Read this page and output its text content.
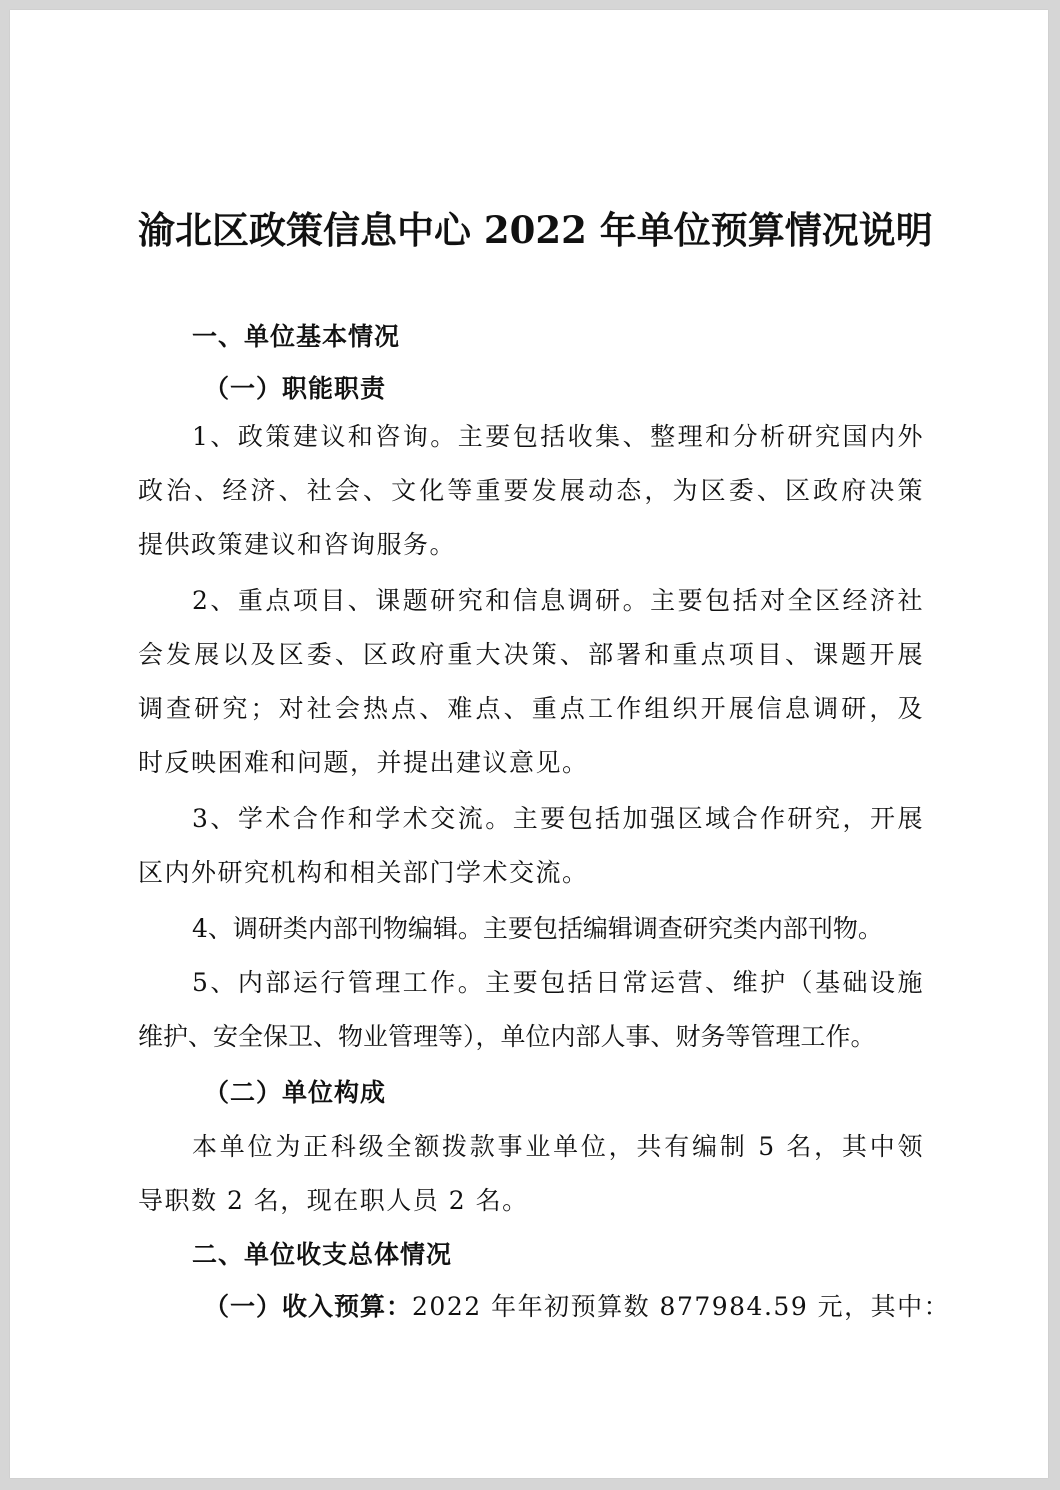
渝北区政策信息中心 2022 年单位预算情况说明
一、单位基本情况
（一）职能职责
1、政策建议和咨询。主要包括收集、整理和分析研究国内外
政治、经济、社会、文化等重要发展动态，为区委、区政府决策
提供政策建议和咨询服务。
2、重点项目、课题研究和信息调研。主要包括对全区经济社
会发展以及区委、区政府重大决策、部署和重点项目、课题开展
调查研究；对社会热点、难点、重点工作组织开展信息调研，及
时反映困难和问题，并提出建议意见。
3、学术合作和学术交流。主要包括加强区域合作研究，开展
区内外研究机构和相关部门学术交流。
4、调研类内部刊物编辑。主要包括编辑调查研究类内部刊物。
5、内部运行管理工作。主要包括日常运营、维护（基础设施
维护、安全保卫、物业管理等），单位内部人事、财务等管理工作。
（二）单位构成
本单位为正科级全额拨款事业单位，共有编制 5 名，其中领
导职数 2 名，现在职人员 2 名。
二、单位收支总体情况
（一）收入预算：2022 年年初预算数 877984.59 元，其中：
